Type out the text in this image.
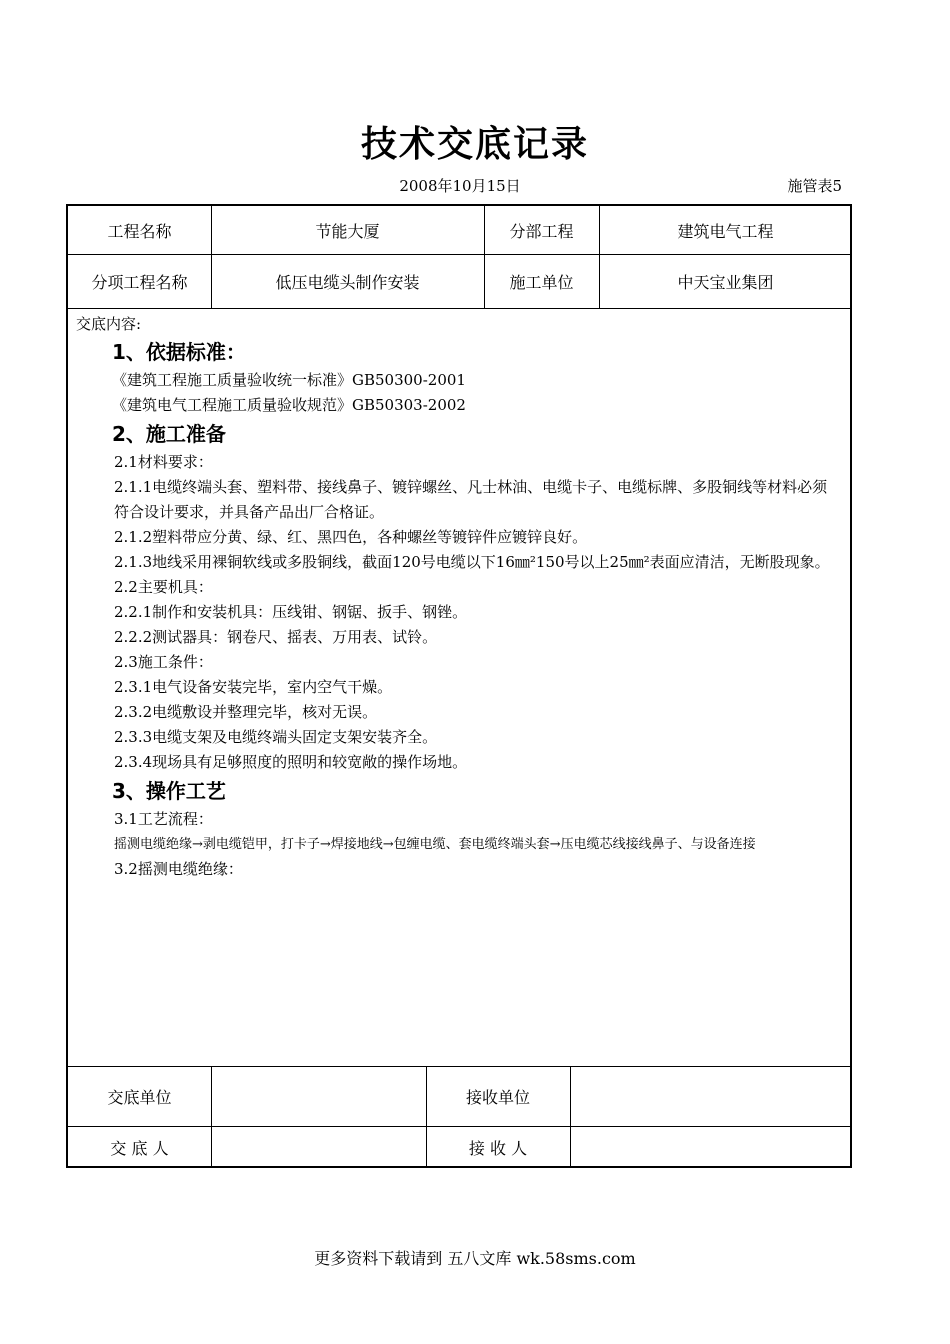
技术交底记录
2008年10月15日	施管表5
工程名称	节能大厦	分部工程	建筑电气工程
分项工程名称	低压电缆头制作安装	施工单位	中天宝业集团
交底内容:
1、依据标准：
《建筑工程施工质量验收统一标准》GB50300-2001
《建筑电气工程施工质量验收规范》GB50303-2002
2、施工准备
2.1材料要求：
2.1.1电缆终端头套、塑料带、接线鼻子、镀锌螺丝、凡士林油、电缆卡子、电缆标牌、多股铜线等材料必须符合设计要求，并具备产品出厂合格证。
2.1.2塑料带应分黄、绿、红、黑四色，各种螺丝等镀锌件应镀锌良好。
2.1.3地线采用裸铜软线或多股铜线，截面120号电缆以下16㎜²150号以上25㎜²表面应清洁，无断股现象。
2.2主要机具：
2.2.1制作和安装机具：压线钳、钢锯、扳手、钢锉。
2.2.2测试器具：钢卷尺、摇表、万用表、试铃。
2.3施工条件：
2.3.1电气设备安装完毕，室内空气干燥。
2.3.2电缆敷设并整理完毕，核对无误。
2.3.3电缆支架及电缆终端头固定支架安装齐全。
2.3.4现场具有足够照度的照明和较宽敞的操作场地。
3、操作工艺
3.1工艺流程：
摇测电缆绝缘→剥电缆铠甲，打卡子→焊接地线→包缠电缆、套电缆终端头套→压电缆芯线接线鼻子、与设备连接
3.2摇测电缆绝缘：
交底单位	接收单位
交 底 人	接 收 人
更多资料下载请到 五八文库 wk.58sms.com
